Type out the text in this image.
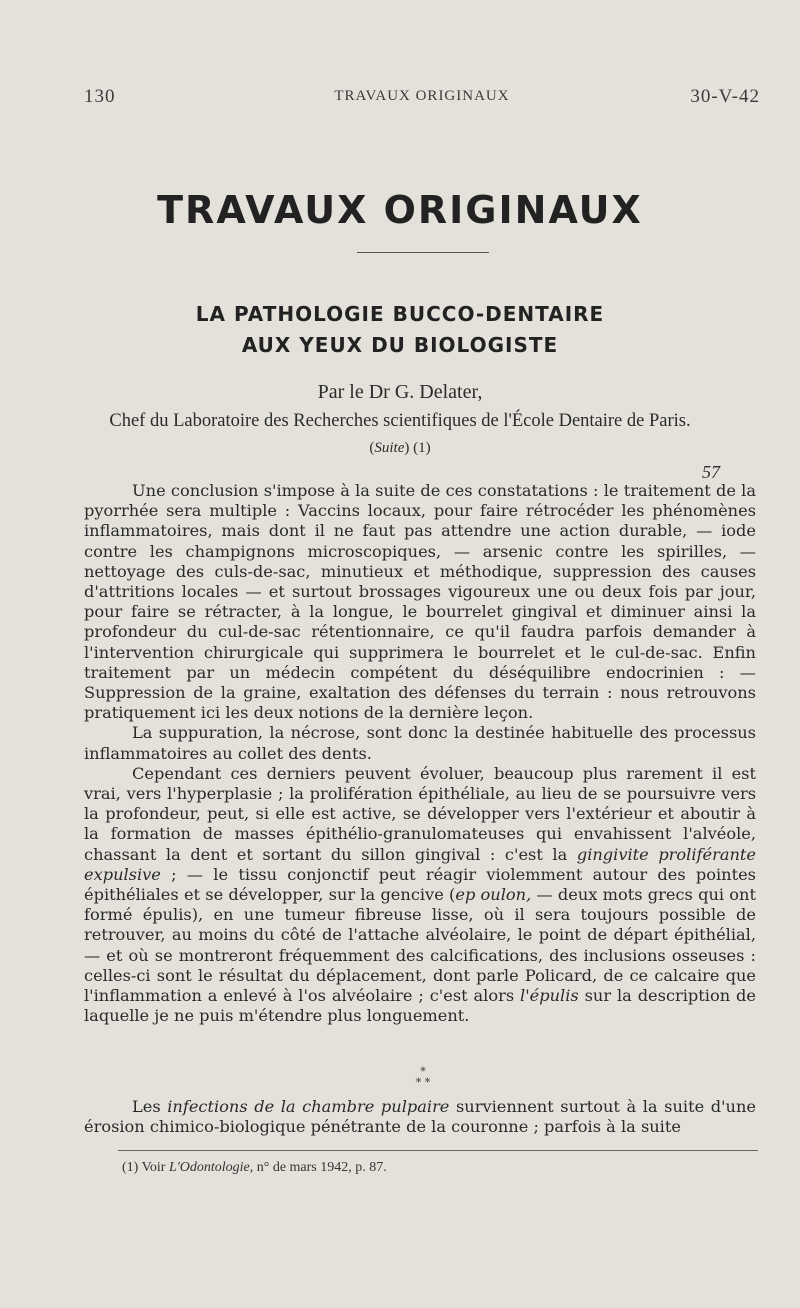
130	TRAVAUX ORIGINAUX	30-V-42
TRAVAUX ORIGINAUX
LA PATHOLOGIE BUCCO-DENTAIRE
AUX YEUX DU BIOLOGISTE
Par le Dr G. Delater,
Chef du Laboratoire des Recherches scientifiques de l'École Dentaire de Paris.
(Suite) (1)
57

Une conclusion s'impose à la suite de ces constatations : le traitement de la pyorrhée sera multiple : Vaccins locaux, pour faire rétrocéder les phénomènes inflammatoires, mais dont il ne faut pas attendre une action durable, — iode contre les champignons microscopiques, — arsenic contre les spirilles, — nettoyage des culs-de-sac, minutieux et méthodique, suppression des causes d'attritions locales — et surtout brossages vigoureux une ou deux fois par jour, pour faire se rétracter, à la longue, le bourrelet gingival et diminuer ainsi la profondeur du cul-de-sac rétentionnaire, ce qu'il faudra parfois demander à l'intervention chirurgicale qui supprimera le bourrelet et le cul-de-sac. Enfin traitement par un médecin compétent du déséquilibre endocrinien : — Suppression de la graine, exaltation des défenses du terrain : nous retrouvons pratiquement ici les deux notions de la dernière leçon.

La suppuration, la nécrose, sont donc la destinée habituelle des processus inflammatoires au collet des dents.

Cependant ces derniers peuvent évoluer, beaucoup plus rarement il est vrai, vers l'hyperplasie ; la prolifération épithéliale, au lieu de se poursuivre vers la profondeur, peut, si elle est active, se développer vers l'extérieur et aboutir à la formation de masses épithélio-granulomateuses qui envahissent l'alvéole, chassant la dent et sortant du sillon gingival : c'est la gingivite proliférante expulsive ; — le tissu conjonctif peut réagir violemment autour des pointes épithéliales et se développer, sur la gencive (ep oulon, — deux mots grecs qui ont formé épulis), en une tumeur fibreuse lisse, où il sera toujours possible de retrouver, au moins du côté de l'attache alvéolaire, le point de départ épithélial, — et où se montreront fréquemment des calcifications, des inclusions osseuses : celles-ci sont le résultat du déplacement, dont parle Policard, de ce calcaire que l'inflammation a enlevé à l'os alvéolaire ; c'est alors l'épulis sur la description de laquelle je ne puis m'étendre plus longuement.

*
* *

Les infections de la chambre pulpaire surviennent surtout à la suite d'une érosion chimico-biologique pénétrante de la couronne ; parfois à la suite

(1) Voir L'Odontologie, n° de mars 1942, p. 87.
